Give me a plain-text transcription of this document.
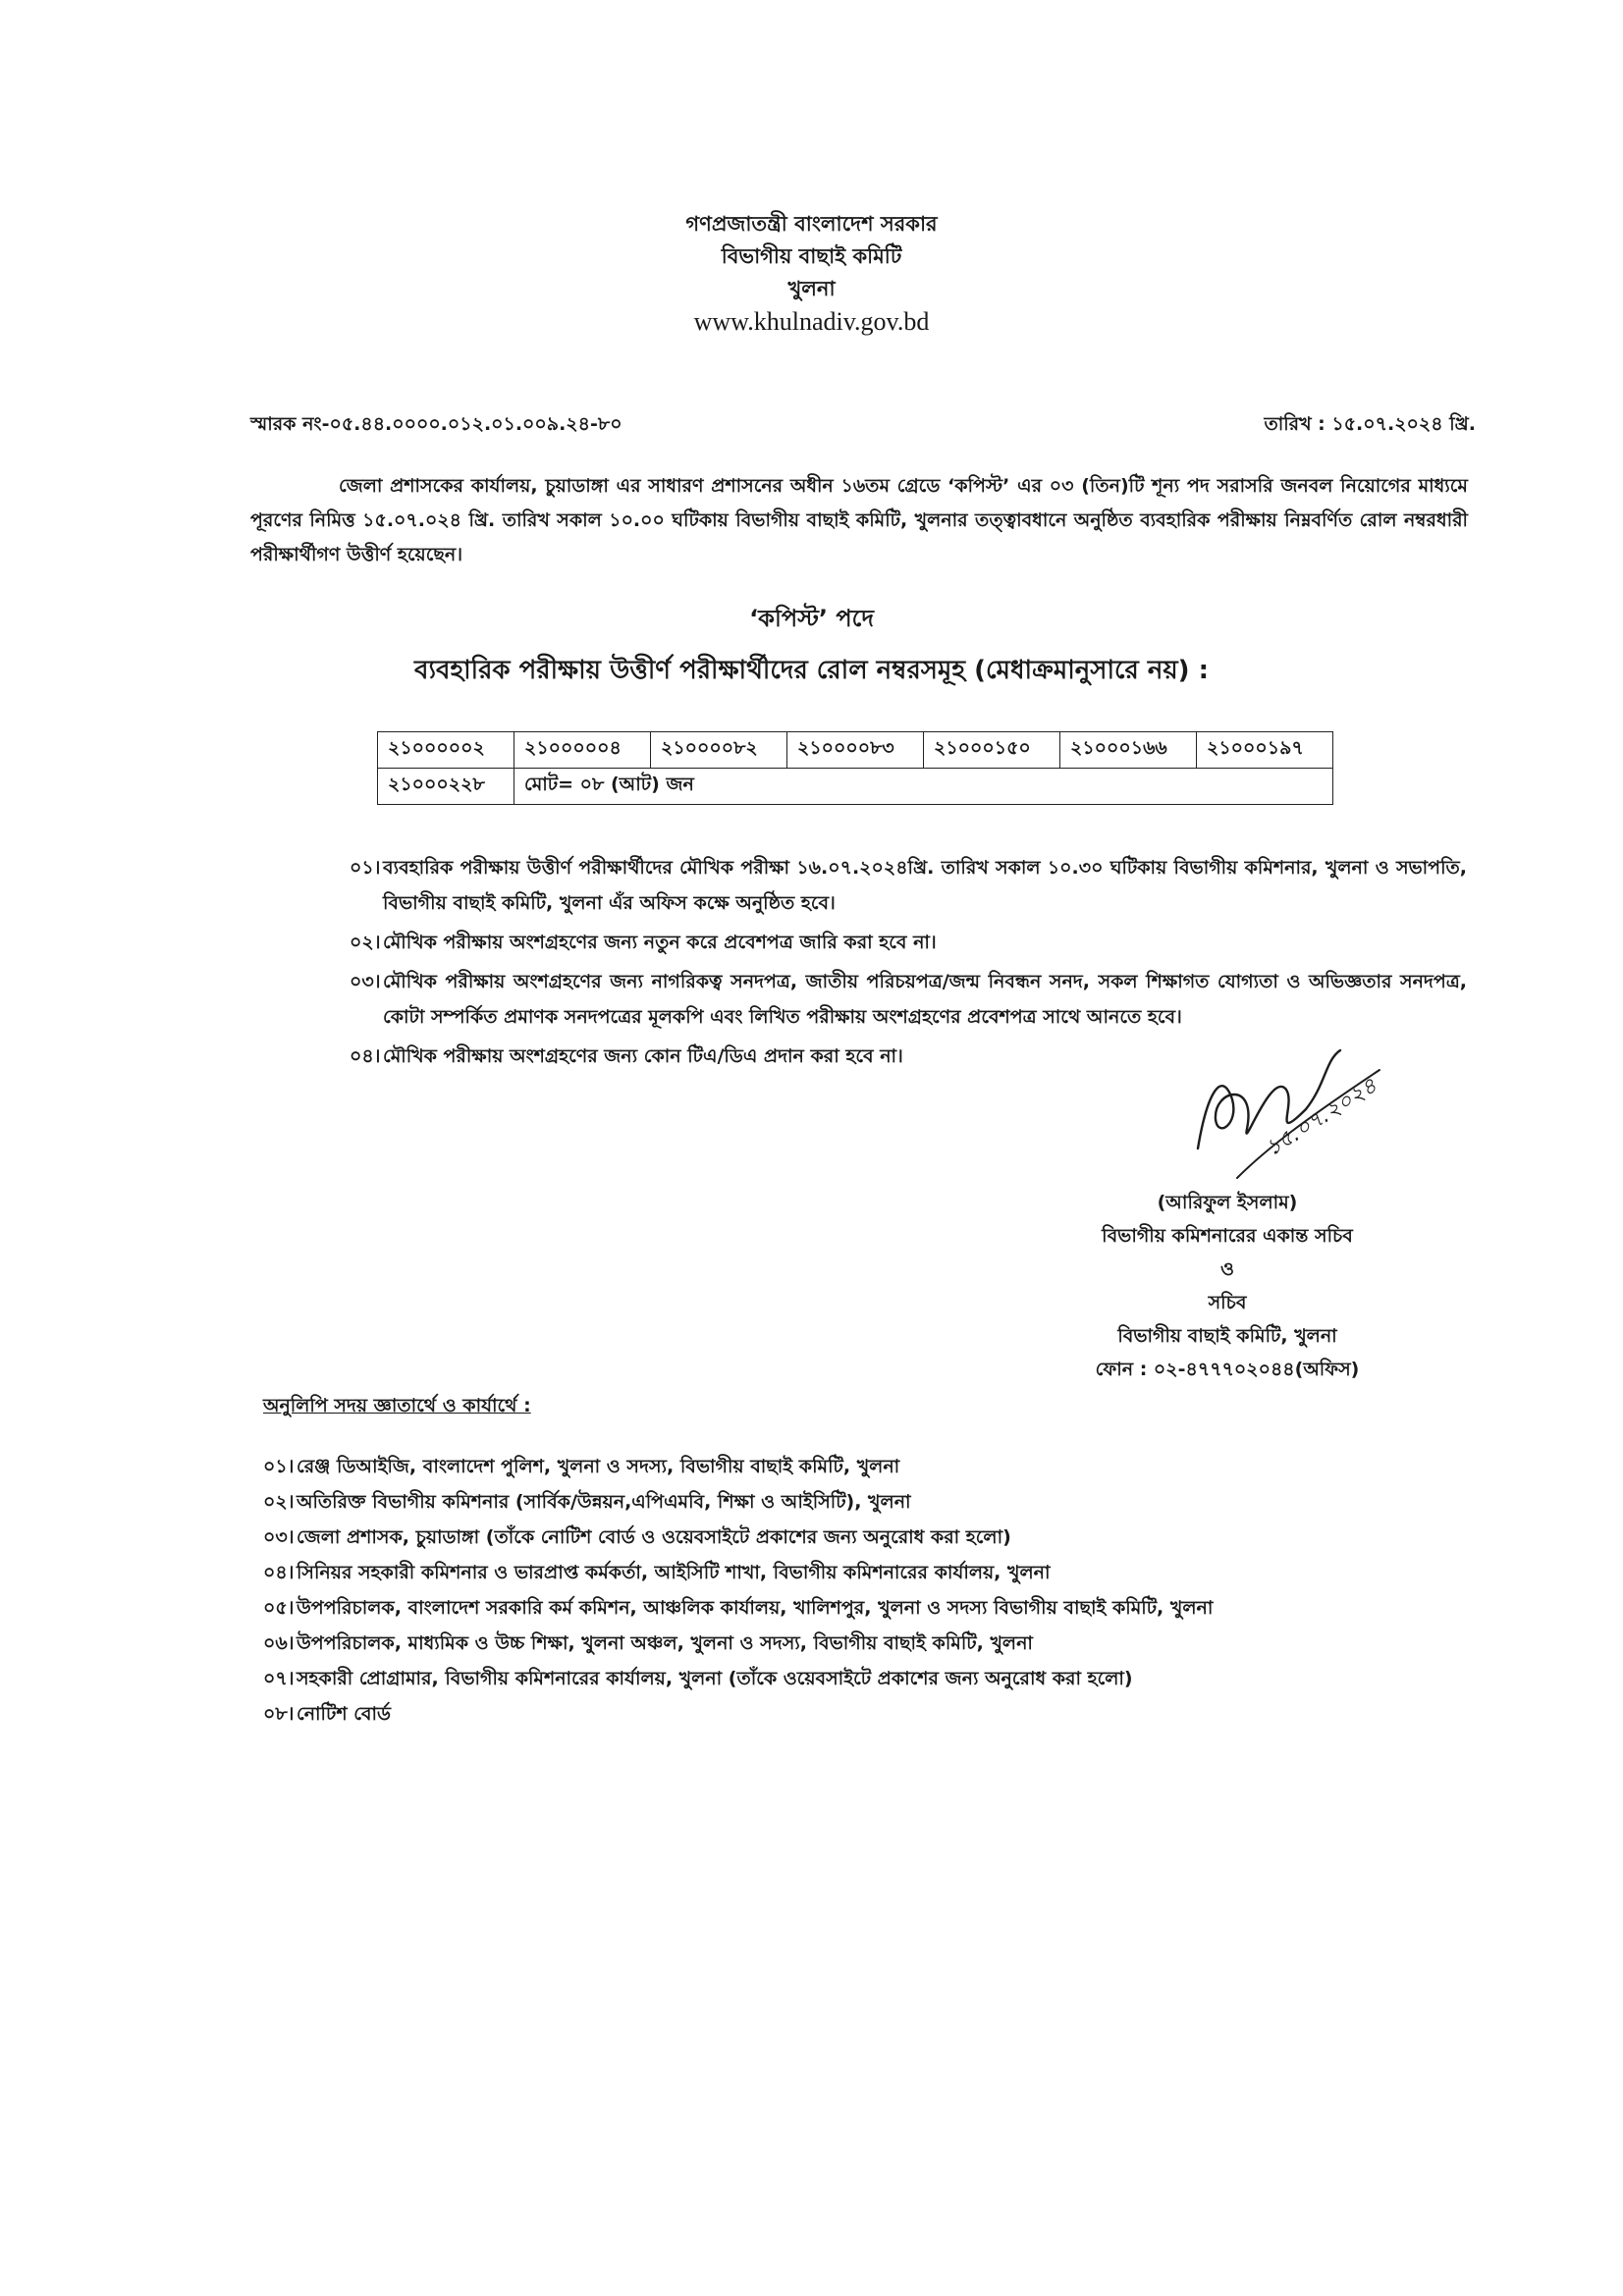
গণপ্রজাতন্ত্রী বাংলাদেশ সরকার
বিভাগীয় বাছাই কমিটি
খুলনা
www.khulnadiv.gov.bd
স্মারক নং-০৫.৪৪.০০০০.০১২.০১.০০৯.২৪-৮০	তারিখ : ১৫.০৭.২০২৪ খ্রি.
জেলা প্রশাসকের কার্যালয়, চুয়াডাঙ্গা এর সাধারণ প্রশাসনের অধীন ১৬তম গ্রেডে ‘কপিস্ট’ এর ০৩ (তিন)টি শূন্য পদ সরাসরি জনবল নিয়োগের মাধ্যমে পূরণের নিমিত্ত ১৫.০৭.০২৪ খ্রি. তারিখ সকাল ১০.০০ ঘটিকায় বিভাগীয় বাছাই কমিটি, খুলনার তত্ত্বাবধানে অনুষ্ঠিত ব্যবহারিক পরীক্ষায় নিম্নবর্ণিত রোল নম্বরধারী পরীক্ষার্থীগণ উত্তীর্ণ হয়েছেন।
‘কপিস্ট’ পদে
ব্যবহারিক পরীক্ষায় উত্তীর্ণ পরীক্ষার্থীদের রোল নম্বরসমূহ (মেধাক্রমানুসারে নয়) :
২১০০০০০২	২১০০০০০৪	২১০০০০৮২	২১০০০০৮৩	২১০০০১৫০	২১০০০১৬৬	২১০০০১৯৭
২১০০০২২৮	মোট= ০৮ (আট) জন					
০১। ব্যবহারিক পরীক্ষায় উত্তীর্ণ পরীক্ষার্থীদের মৌখিক পরীক্ষা ১৬.০৭.২০২৪খ্রি. তারিখ সকাল ১০.৩০ ঘটিকায় বিভাগীয় কমিশনার, খুলনা ও সভাপতি, বিভাগীয় বাছাই কমিটি, খুলনা এঁর অফিস কক্ষে অনুষ্ঠিত হবে।
০২। মৌখিক পরীক্ষায় অংশগ্রহণের জন্য নতুন করে প্রবেশপত্র জারি করা হবে না।
০৩। মৌখিক পরীক্ষায় অংশগ্রহণের জন্য নাগরিকত্ব সনদপত্র, জাতীয় পরিচয়পত্র/জন্ম নিবন্ধন সনদ, সকল শিক্ষাগত যোগ্যতা ও অভিজ্ঞতার সনদপত্র, কোটা সম্পর্কিত প্রমাণক সনদপত্রের মূলকপি এবং লিখিত পরীক্ষায় অংশগ্রহণের প্রবেশপত্র সাথে আনতে হবে।
০৪। মৌখিক পরীক্ষায় অংশগ্রহণের জন্য কোন টিএ/ডিএ প্রদান করা হবে না।
১৫.০৭.২০২৪
(আরিফুল ইসলাম)
বিভাগীয় কমিশনারের একান্ত সচিব
ও
সচিব
বিভাগীয় বাছাই কমিটি, খুলনা
ফোন : ০২-৪৭৭৭০২০৪৪(অফিস)
অনুলিপি সদয় জ্ঞাতার্থে ও কার্যার্থে :
০১। রেঞ্জ ডিআইজি, বাংলাদেশ পুলিশ, খুলনা ও সদস্য, বিভাগীয় বাছাই কমিটি, খুলনা
০২। অতিরিক্ত বিভাগীয় কমিশনার (সার্বিক/উন্নয়ন,এপিএমবি, শিক্ষা ও আইসিটি), খুলনা
০৩। জেলা প্রশাসক, চুয়াডাঙ্গা (তাঁকে নোটিশ বোর্ড ও ওয়েবসাইটে প্রকাশের জন্য অনুরোধ করা হলো)
০৪। সিনিয়র সহকারী কমিশনার ও ভারপ্রাপ্ত কর্মকর্তা, আইসিটি শাখা, বিভাগীয় কমিশনারের কার্যালয়, খুলনা
০৫। উপপরিচালক, বাংলাদেশ সরকারি কর্ম কমিশন, আঞ্চলিক কার্যালয়, খালিশপুর, খুলনা ও সদস্য বিভাগীয় বাছাই কমিটি, খুলনা
০৬। উপপরিচালক, মাধ্যমিক ও উচ্চ শিক্ষা, খুলনা অঞ্চল, খুলনা ও সদস্য, বিভাগীয় বাছাই কমিটি, খুলনা
০৭। সহকারী প্রোগ্রামার, বিভাগীয় কমিশনারের কার্যালয়, খুলনা (তাঁকে ওয়েবসাইটে প্রকাশের জন্য অনুরোধ করা হলো)
০৮। নোটিশ বোর্ড
